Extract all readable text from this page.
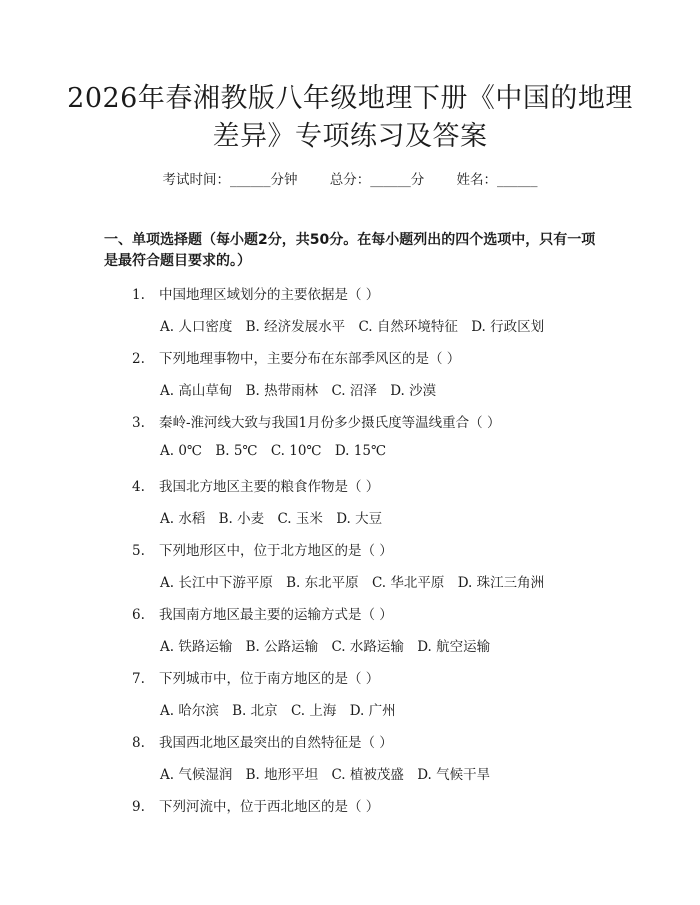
2026年春湘教版八年级地理下册《中国的地理差异》专项练习及答案
考试时间：______分钟 总分：______分 姓名：______
一、单项选择题（每小题2分，共50分。在每小题列出的四个选项中，只有一项是最符合题目要求的。）
1. 中国地理区域划分的主要依据是（ ）
A. 人口密度 B. 经济发展水平 C. 自然环境特征 D. 行政区划
2. 下列地理事物中，主要分布在东部季风区的是（ ）
A. 高山草甸 B. 热带雨林 C. 沼泽 D. 沙漠
3. 秦岭-淮河线大致与我国1月份多少摄氏度等温线重合（ ）
A. 0℃ B. 5℃ C. 10℃ D. 15℃
4. 我国北方地区主要的粮食作物是（ ）
A. 水稻 B. 小麦 C. 玉米 D. 大豆
5. 下列地形区中，位于北方地区的是（ ）
A. 长江中下游平原 B. 东北平原 C. 华北平原 D. 珠江三角洲
6. 我国南方地区最主要的运输方式是（ ）
A. 铁路运输 B. 公路运输 C. 水路运输 D. 航空运输
7. 下列城市中，位于南方地区的是（ ）
A. 哈尔滨 B. 北京 C. 上海 D. 广州
8. 我国西北地区最突出的自然特征是（ ）
A. 气候湿润 B. 地形平坦 C. 植被茂盛 D. 气候干旱
9. 下列河流中，位于西北地区的是（ ）
